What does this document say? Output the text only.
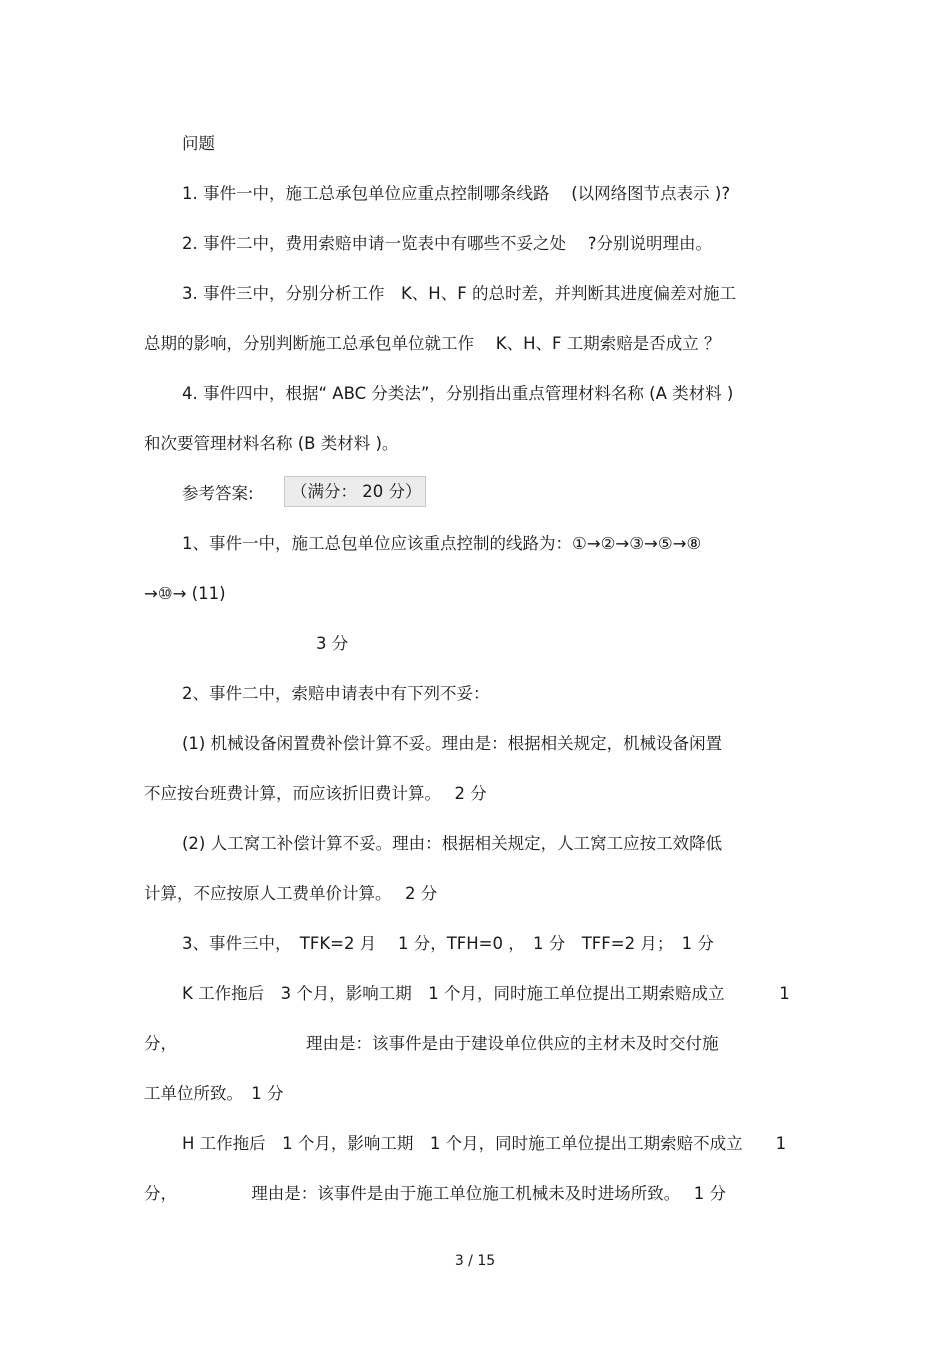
问题
1. 事件一中，施工总承包单位应重点控制哪条线路　 (以网络图节点表示 )?
2. 事件二中，费用索赔申请一览表中有哪些不妥之处　 ?分别说明理由。
3. 事件三中，分别分析工作　K、H、F 的总时差，并判断其进度偏差对施工
总期的影响，分别判断施工总承包单位就工作　 K、H、F 工期索赔是否成立 ？
4. 事件四中，根据“ ABC 分类法”，分别指出重点管理材料名称 (A 类材料 )
和次要管理材料名称 (B 类材料 )。
参考答案:	（满分： 20 分）
1、事件一中，施工总包单位应该重点控制的线路为：①→②→③→⑤→⑧
→⑩→ (11)
3 分
2、事件二中，索赔申请表中有下列不妥：
(1) 机械设备闲置费补偿计算不妥。理由是：根据相关规定，机械设备闲置
不应按台班费计算，而应该折旧费计算。　 2 分
(2) 人工窝工补偿计算不妥。理由：根据相关规定，人工窝工应按工效降低
计算，不应按原人工费单价计算。　 2 分
3、事件三中，　TFK=2 月　 1 分，TFH=0 ，　1 分　TFF=2 月；　1 分
K 工作拖后　3 个月，影响工期　1 个月，同时施工单位提出工期索赔成立　　　 1
分，　　　　　　　　 理由是：该事件是由于建设单位供应的主材未及时交付施
工单位所致。　1 分
H 工作拖后　1 个月，影响工期　1 个月，同时施工单位提出工期索赔不成立　　1
分，　　　　　理由是：该事件是由于施工单位施工机械未及时进场所致。　 1 分
3 / 15
